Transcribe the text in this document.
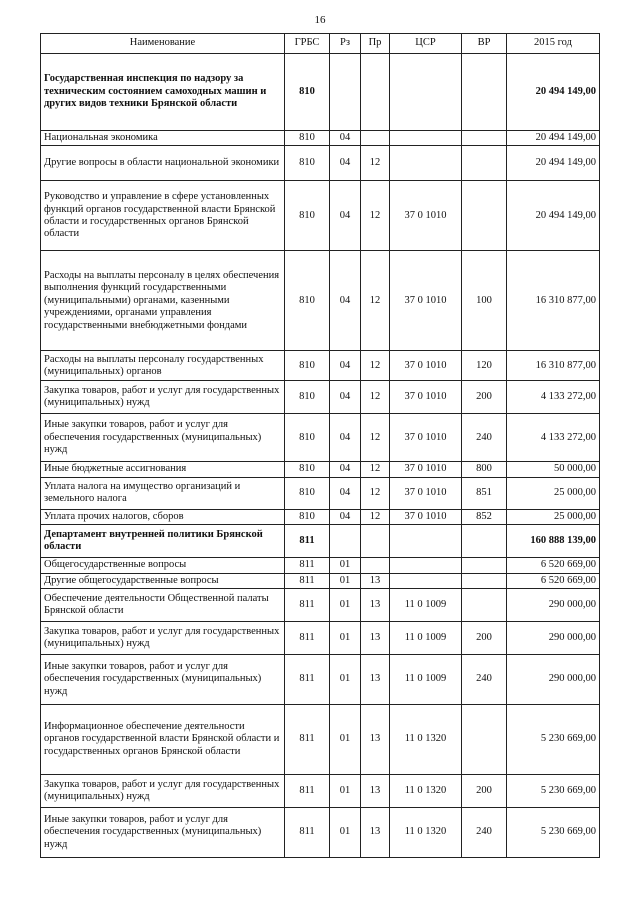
16
Наименование	ГРБС	Рз	Пр	ЦСР	ВР	2015 год
Государственная инспекция по надзору за техническим состоянием самоходных машин и других видов техники Брянской области	810					20 494 149,00
Национальная экономика	810	04				20 494 149,00
Другие вопросы в области национальной экономики	810	04	12			20 494 149,00
Руководство и управление в сфере установленных функций органов государственной власти Брянской области и государственных органов Брянской области	810	04	12	37 0 1010		20 494 149,00
Расходы на выплаты персоналу в целях обеспечения выполнения функций государственными (муниципальными) органами, казенными учреждениями, органами управления государственными внебюджетными фондами	810	04	12	37 0 1010	100	16 310 877,00
Расходы на выплаты персоналу государственных (муниципальных) органов	810	04	12	37 0 1010	120	16 310 877,00
Закупка товаров, работ и услуг для государственных (муниципальных) нужд	810	04	12	37 0 1010	200	4 133 272,00
Иные закупки товаров, работ и услуг для обеспечения государственных (муниципальных) нужд	810	04	12	37 0 1010	240	4 133 272,00
Иные бюджетные ассигнования	810	04	12	37 0 1010	800	50 000,00
Уплата налога на имущество организаций и земельного налога	810	04	12	37 0 1010	851	25 000,00
Уплата прочих налогов, сборов	810	04	12	37 0 1010	852	25 000,00
Департамент внутренней политики Брянской области	811					160 888 139,00
Общегосударственные вопросы	811	01				6 520 669,00
Другие общегосударственные вопросы	811	01	13			6 520 669,00
Обеспечение деятельности Общественной палаты Брянской области	811	01	13	11 0 1009		290 000,00
Закупка товаров, работ и услуг для государственных (муниципальных) нужд	811	01	13	11 0 1009	200	290 000,00
Иные закупки товаров, работ и услуг для обеспечения государственных (муниципальных) нужд	811	01	13	11 0 1009	240	290 000,00
Информационное обеспечение деятельности органов государственной власти Брянской области и государственных органов Брянской области	811	01	13	11 0 1320		5 230 669,00
Закупка товаров, работ и услуг для государственных (муниципальных) нужд	811	01	13	11 0 1320	200	5 230 669,00
Иные закупки товаров, работ и услуг для обеспечения государственных (муниципальных) нужд	811	01	13	11 0 1320	240	5 230 669,00
